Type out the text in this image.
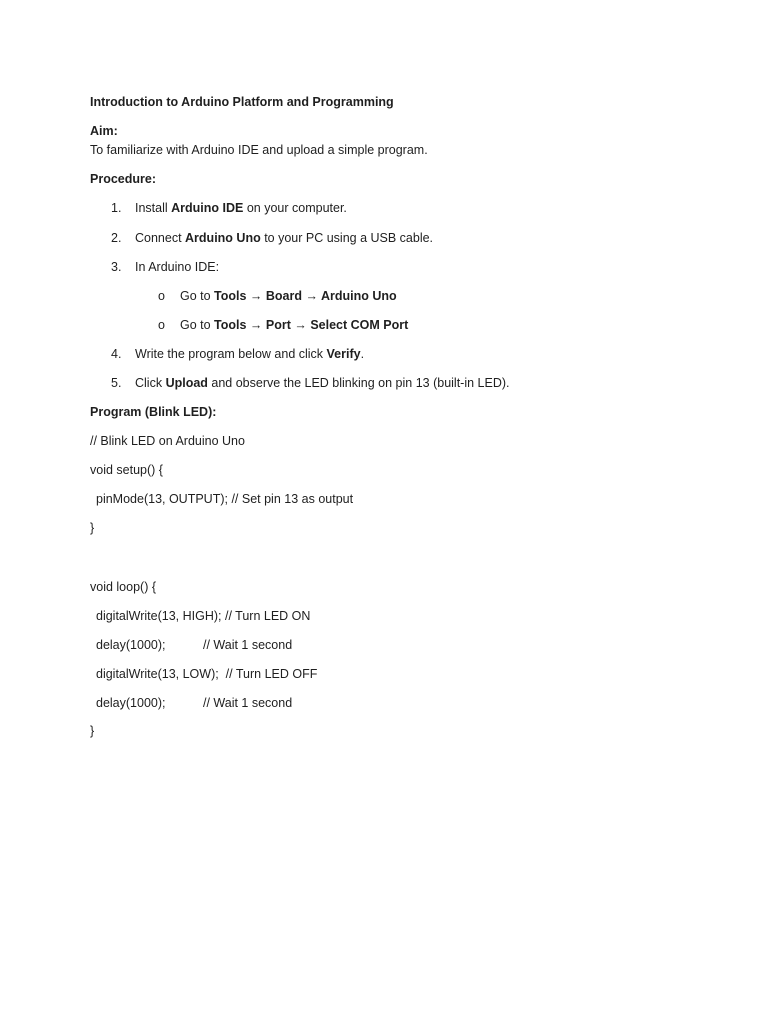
Introduction to Arduino Platform and Programming
Aim:
To familiarize with Arduino IDE and upload a simple program.
Procedure:
1. Install Arduino IDE on your computer.
2. Connect Arduino Uno to your PC using a USB cable.
3. In Arduino IDE:
o Go to Tools → Board → Arduino Uno
o Go to Tools → Port → Select COM Port
4. Write the program below and click Verify.
5. Click Upload and observe the LED blinking on pin 13 (built-in LED).
Program (Blink LED):
// Blink LED on Arduino Uno
void setup() {
pinMode(13, OUTPUT); // Set pin 13 as output
}
void loop() {
digitalWrite(13, HIGH); // Turn LED ON
delay(1000);	// Wait 1 second
digitalWrite(13, LOW);  // Turn LED OFF
delay(1000);	// Wait 1 second
}
